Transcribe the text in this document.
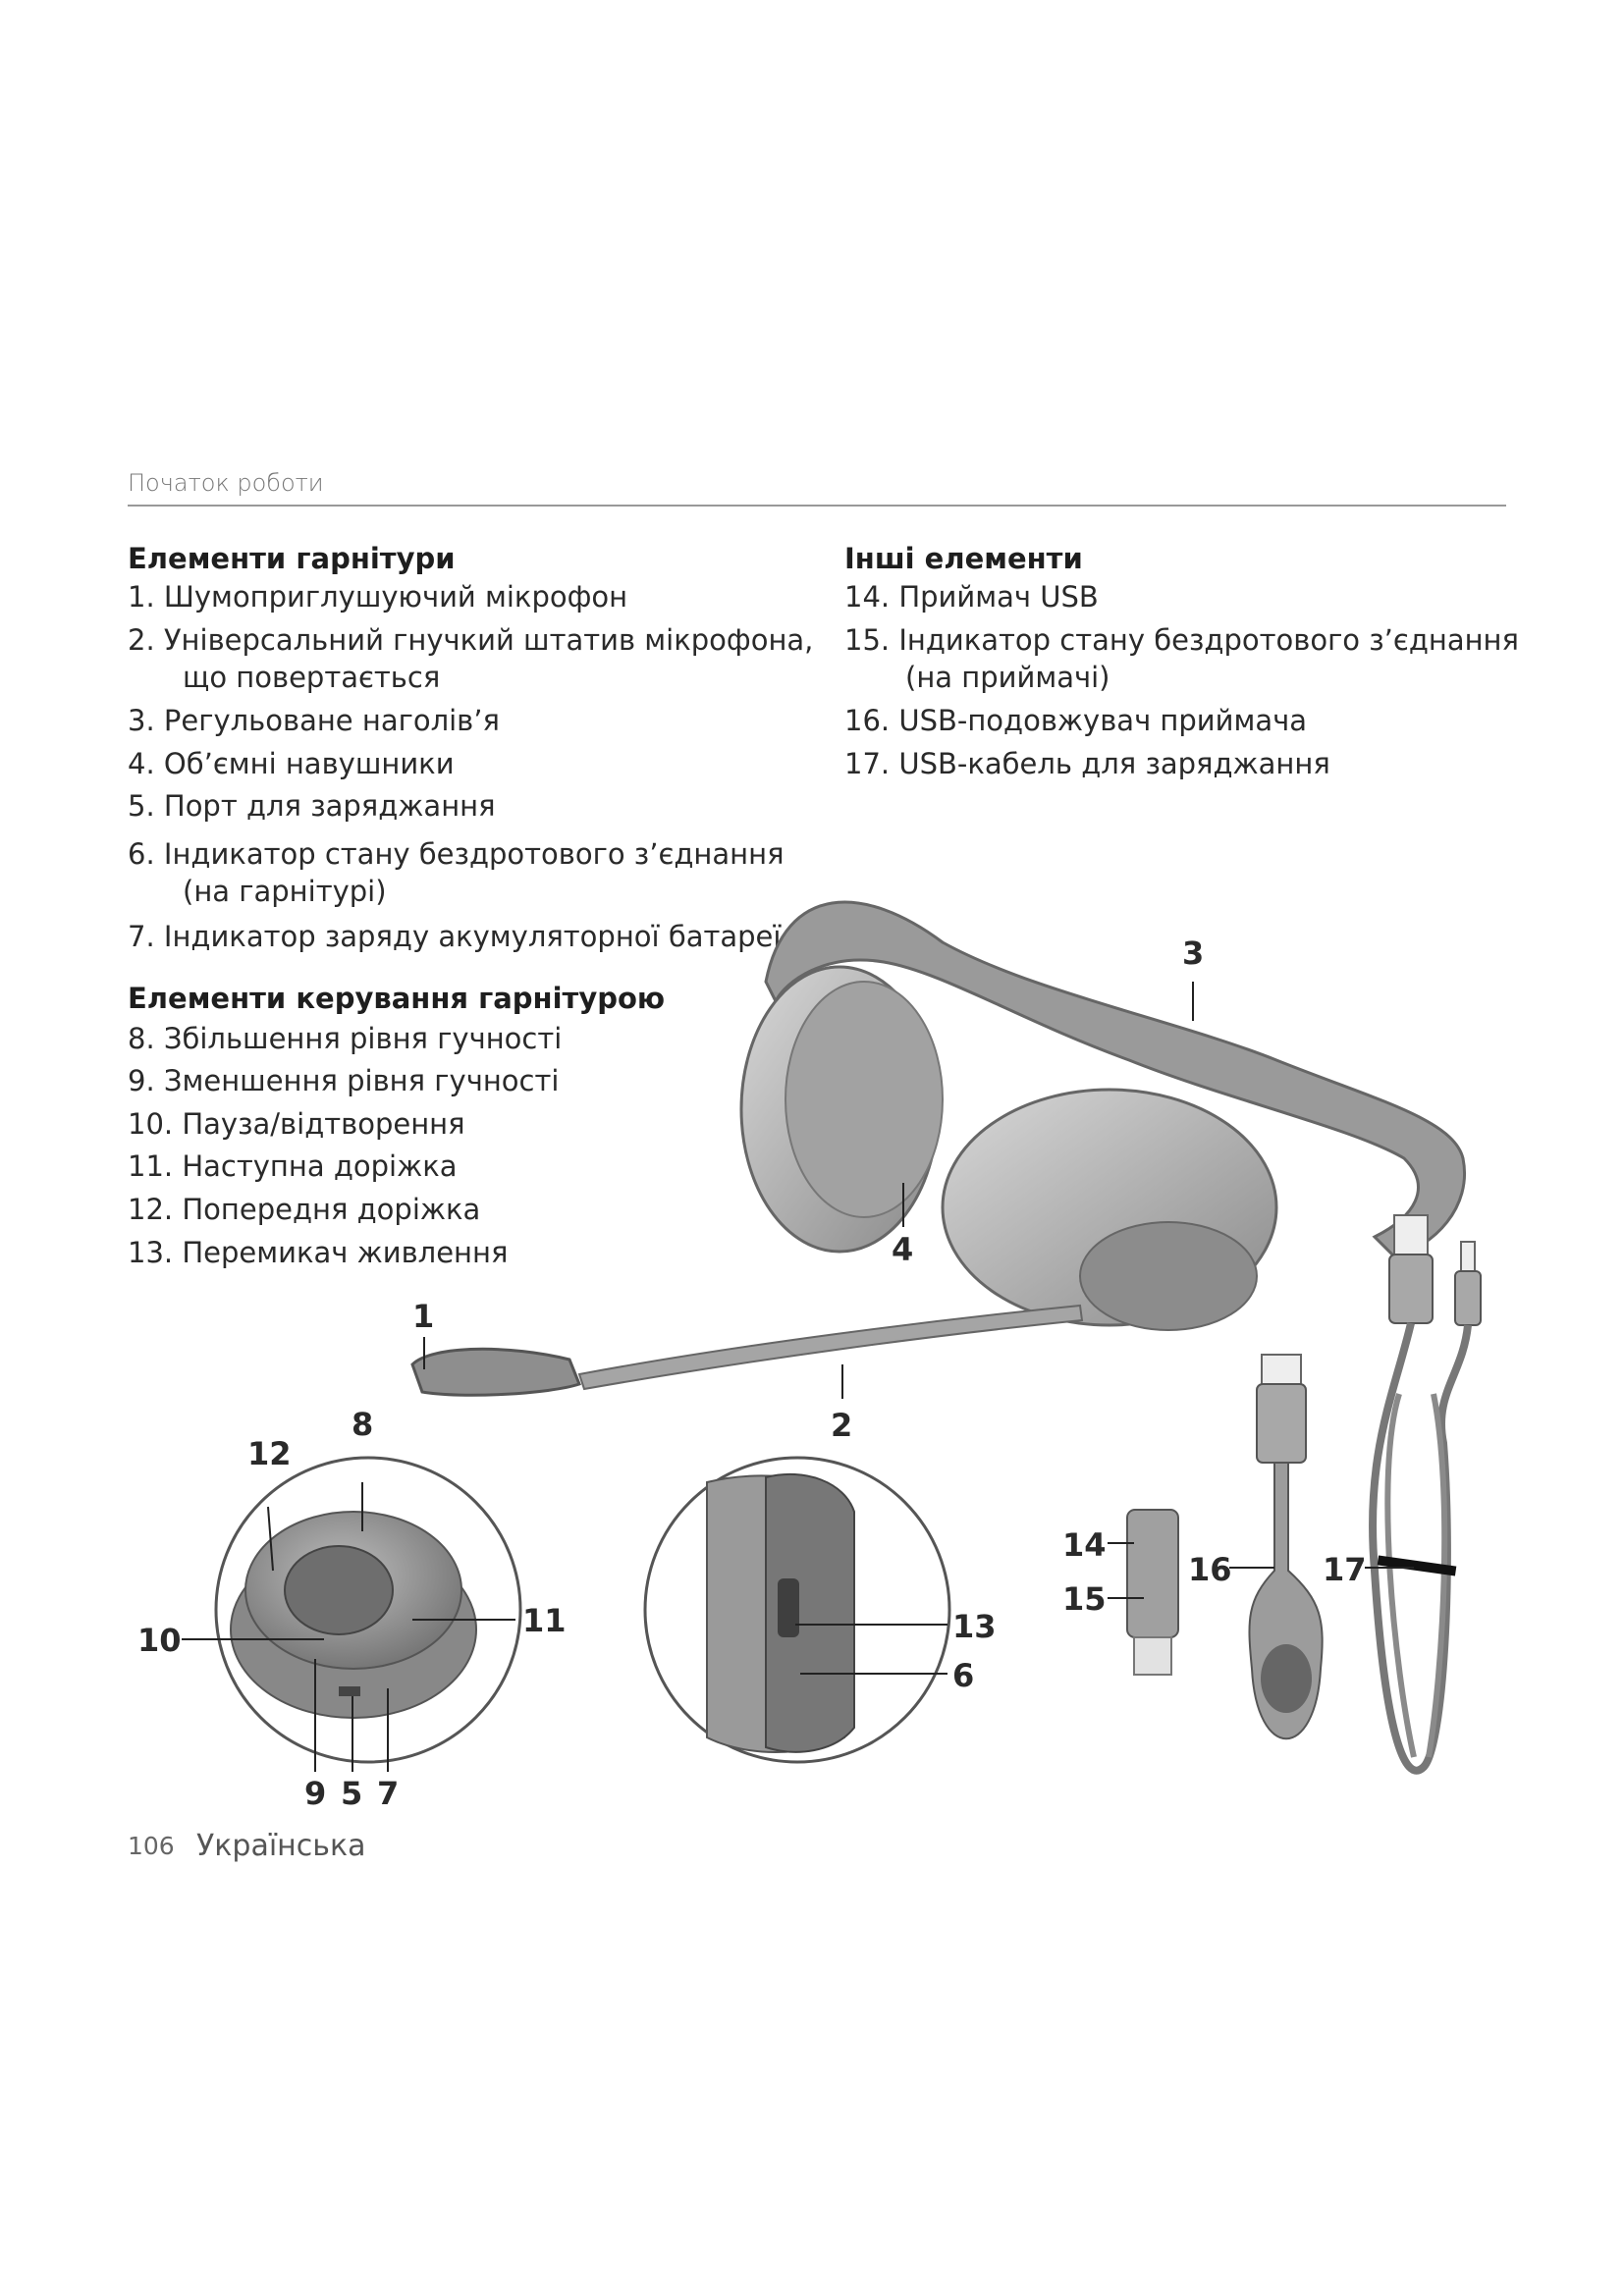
Початок роботи
Елементи гарнітури
1. Шумоприглушуючий мікрофон
2. Універсальний гнучкий штатив мікрофона,
що повертається
3. Регульоване наголів’я
4. Об’ємні навушники
5. Порт для заряджання
6. Індикатор стану бездротового з’єднання
(на гарнітурі)
7. Індикатор заряду акумуляторної батареї
Елементи керування гарнітурою
8. Збільшення рівня гучності
9. Зменшення рівня гучності
10. Пауза/відтворення
11. Наступна доріжка
12. Попередня доріжка
13. Перемикач живлення
Інші елементи
14. Приймач USB
15. Індикатор стану бездротового з’єднання
(на приймачі)
16. USB-подовжувач приймача
17. USB-кабель для заряджання
1
2
3
4
5
6
7
8
9
10
11
12
13
14
15
16	17
106 Українська
